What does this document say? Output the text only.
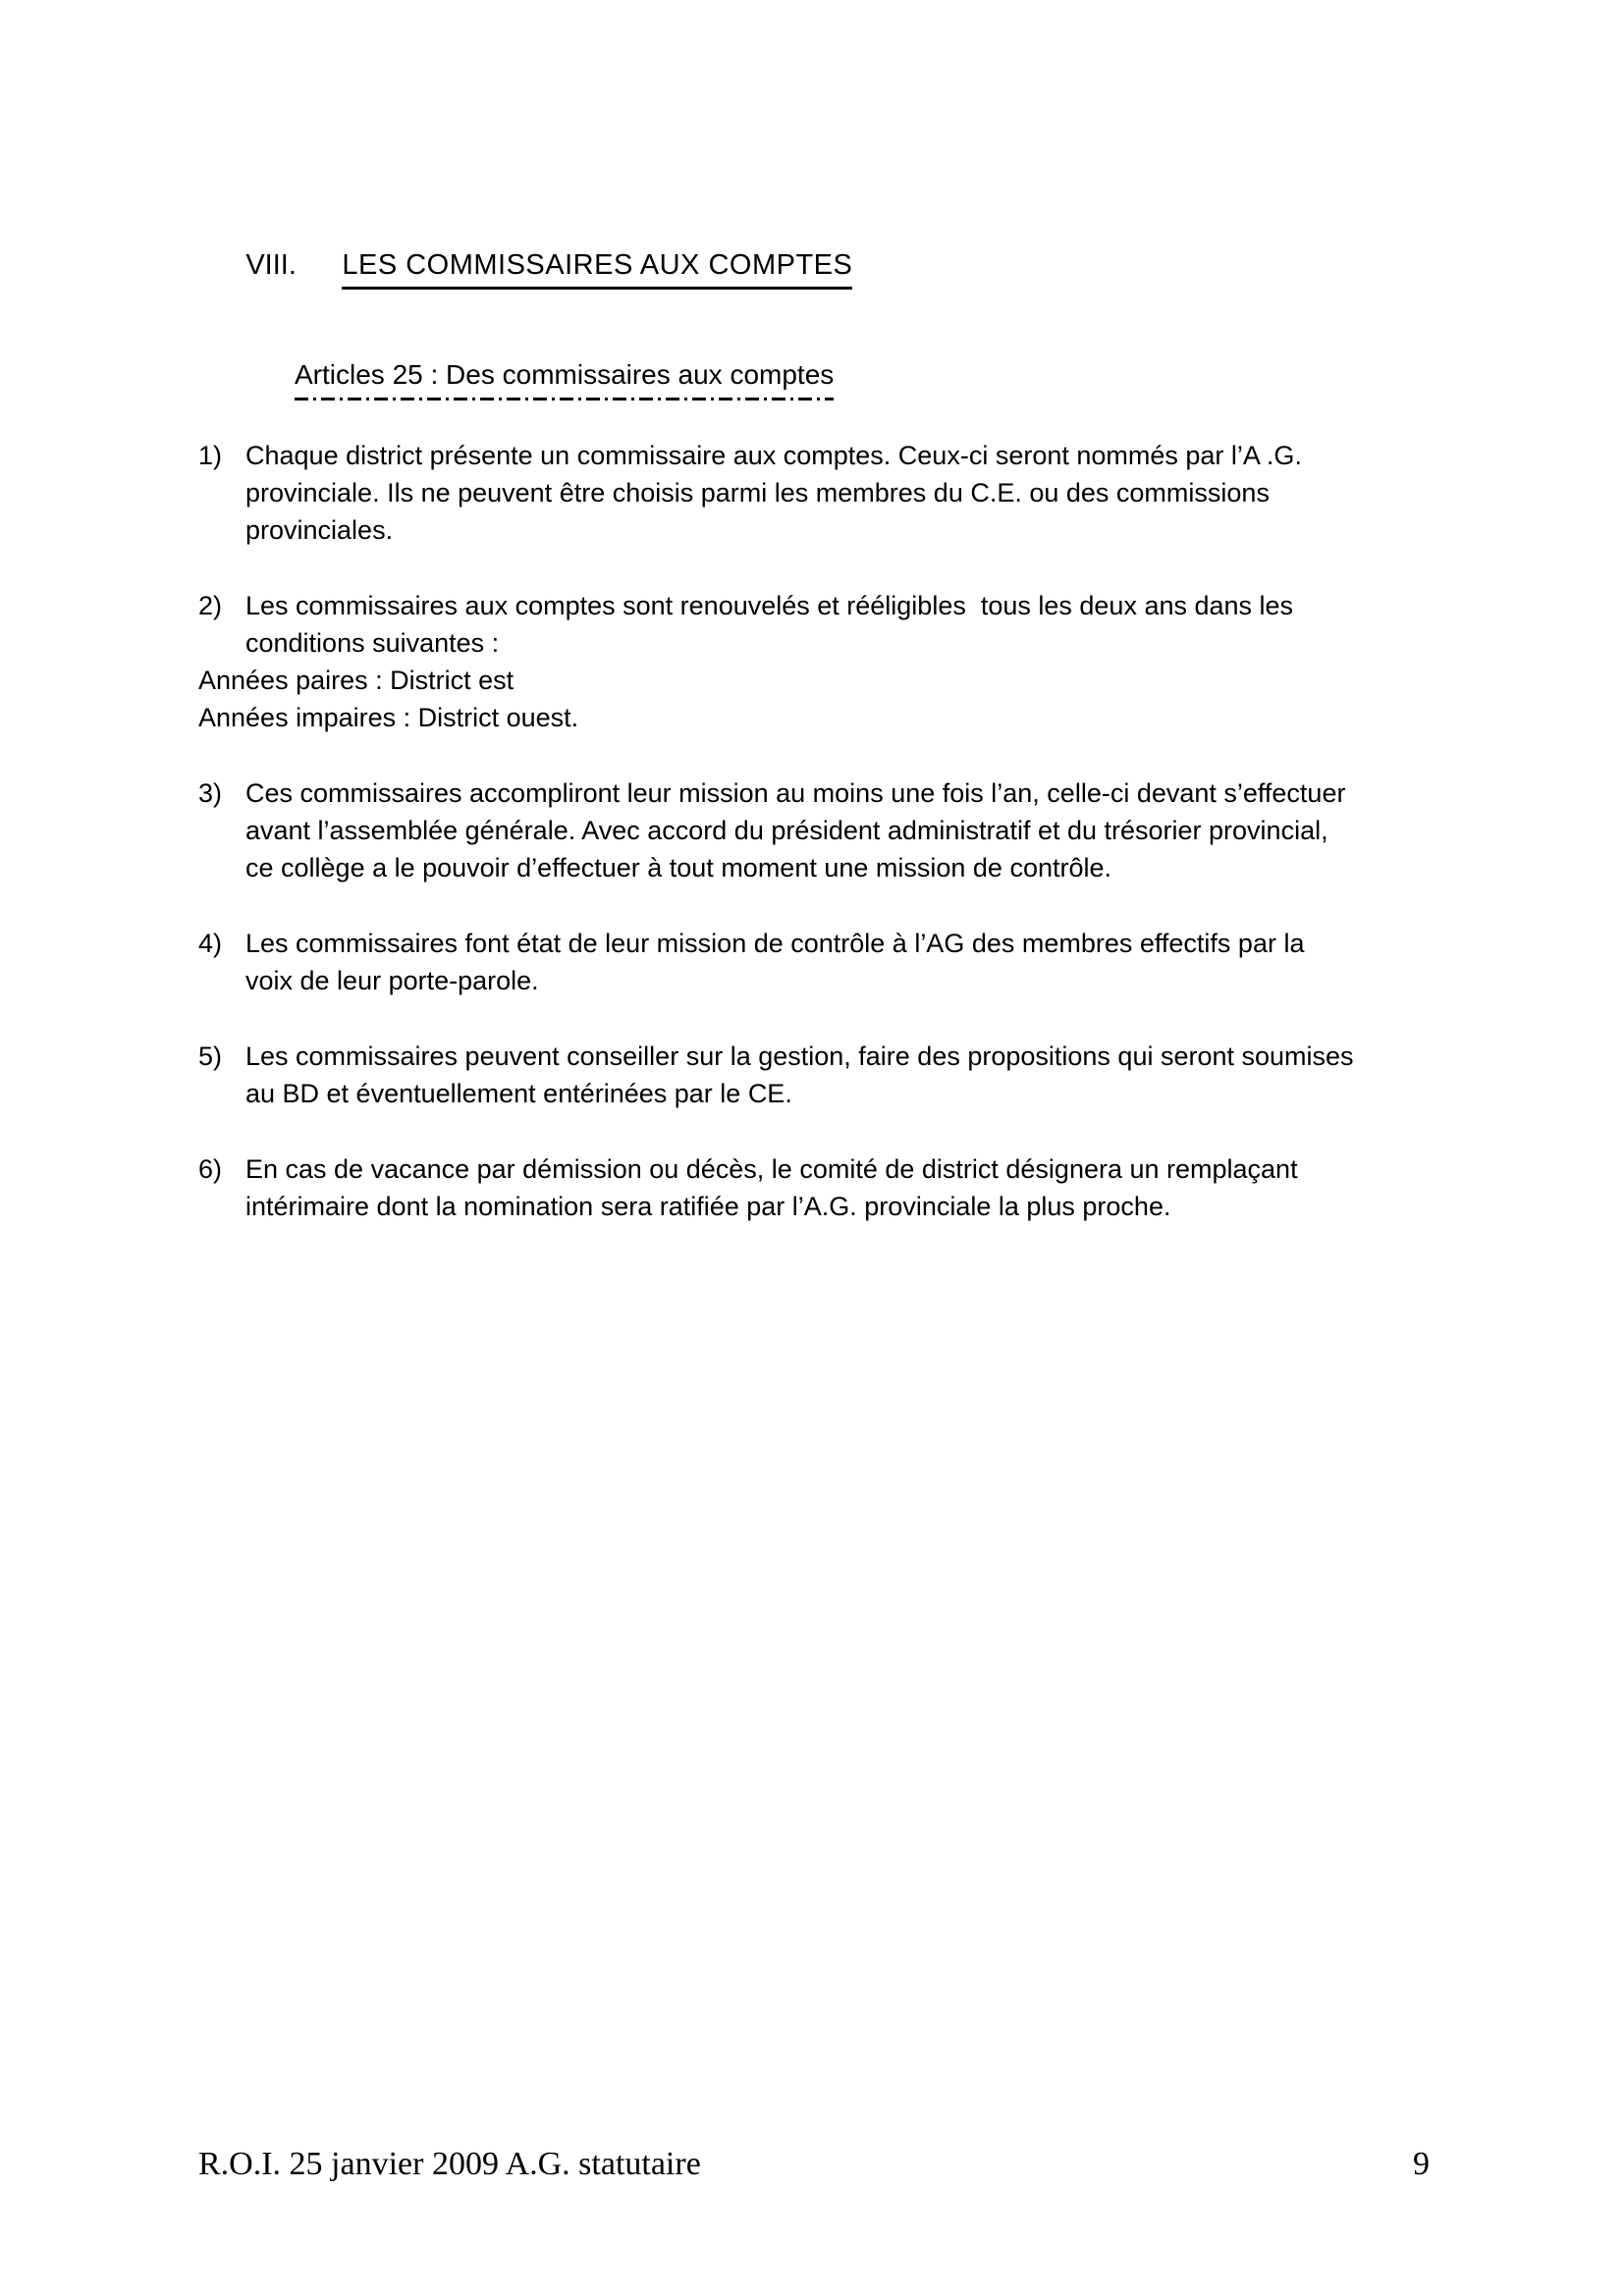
VIII. LES COMMISSAIRES AUX COMPTES

Articles 25 : Des commissaires aux comptes
1) Chaque district présente un commissaire aux comptes. Ceux-ci seront nommés par l’A .G.
provinciale. Ils ne peuvent être choisis parmi les membres du C.E. ou des commissions
provinciales.
2) Les commissaires aux comptes sont renouvelés et rééligibles  tous les deux ans dans les
conditions suivantes :
Années paires : District est
Années impaires : District ouest.
3) Ces commissaires accompliront leur mission au moins une fois l’an, celle-ci devant s’effectuer
avant l’assemblée générale. Avec accord du président administratif et du trésorier provincial,
ce collège a le pouvoir d’effectuer à tout moment une mission de contrôle.
4) Les commissaires font état de leur mission de contrôle à l’AG des membres effectifs par la
voix de leur porte-parole.
5) Les commissaires peuvent conseiller sur la gestion, faire des propositions qui seront soumises
au BD et éventuellement entérinées par le CE.
6) En cas de vacance par démission ou décès, le comité de district désignera un remplaçant
intérimaire dont la nomination sera ratifiée par l’A.G. provinciale la plus proche.
R.O.I. 25 janvier 2009 A.G. statutaire	9
